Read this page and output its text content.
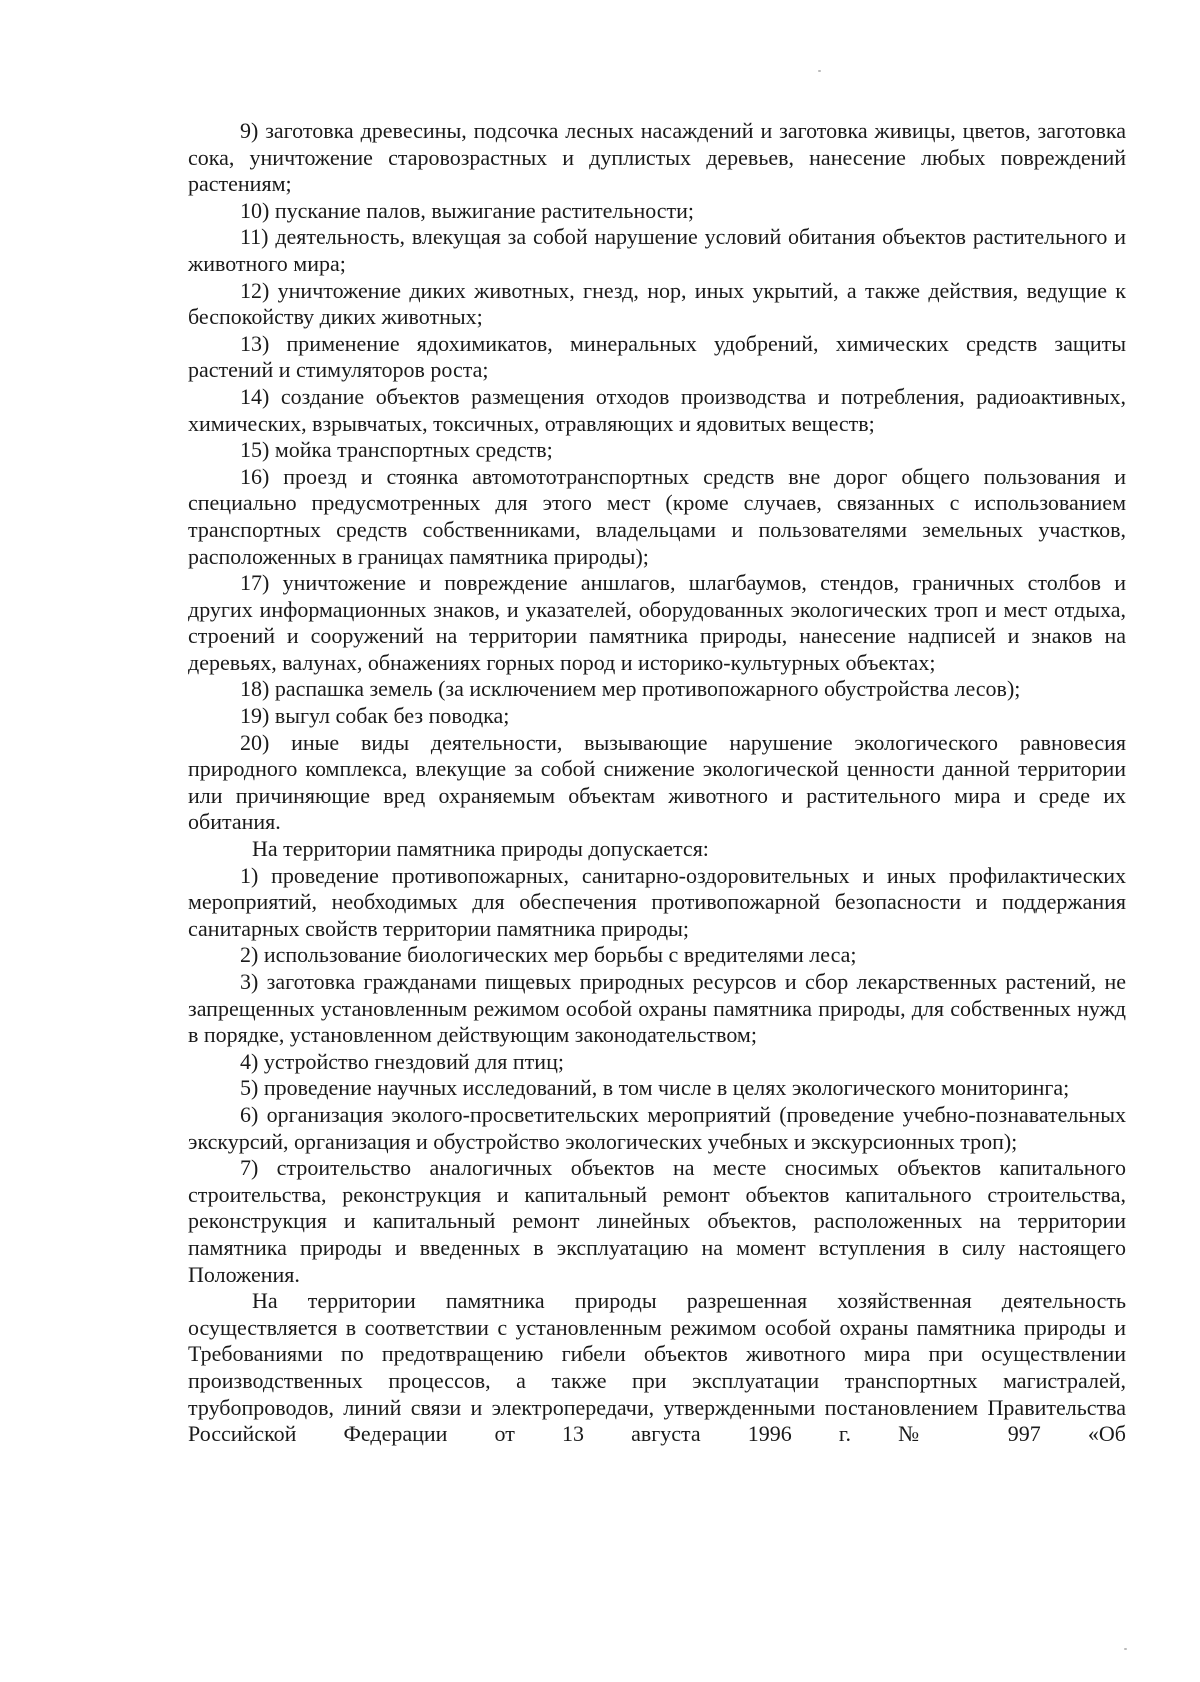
9) заготовка древесины, подсочка лесных насаждений и заготовка живицы, цветов, заготовка сока, уничтожение старовозрастных и дуплистых деревьев, нанесение любых повреждений растениям;

10) пускание палов, выжигание растительности;

11) деятельность, влекущая за собой нарушение условий обитания объектов растительного и животного мира;

12) уничтожение диких животных, гнезд, нор, иных укрытий, а также действия, ведущие к беспокойству диких животных;

13) применение ядохимикатов, минеральных удобрений, химических средств защиты растений и стимуляторов роста;

14) создание объектов размещения отходов производства и потребления, радиоактивных, химических, взрывчатых, токсичных, отравляющих и ядовитых веществ;

15) мойка транспортных средств;

16) проезд и стоянка автомототранспортных средств вне дорог общего пользования и специально предусмотренных для этого мест (кроме случаев, связанных с использованием транспортных средств собственниками, владельцами и пользователями земельных участков, расположенных в границах памятника природы);

17) уничтожение и повреждение аншлагов, шлагбаумов, стендов, граничных столбов и других информационных знаков, и указателей, оборудованных экологических троп и мест отдыха, строений и сооружений на территории памятника природы, нанесение надписей и знаков на деревьях, валунах, обнажениях горных пород и историко-культурных объектах;

18) распашка земель (за исключением мер противопожарного обустройства лесов);

19) выгул собак без поводка;

20) иные виды деятельности, вызывающие нарушение экологического равновесия природного комплекса, влекущие за собой снижение экологической ценности данной территории или причиняющие вред охраняемым объектам животного и растительного мира и среде их обитания.

На территории памятника природы допускается:

1) проведение противопожарных, санитарно-оздоровительных и иных профилактических мероприятий, необходимых для обеспечения противопожарной безопасности и поддержания санитарных свойств территории памятника природы;

2) использование биологических мер борьбы с вредителями леса;

3) заготовка гражданами пищевых природных ресурсов и сбор лекарственных растений, не запрещенных установленным режимом особой охраны памятника природы, для собственных нужд в порядке, установленном действующим законодательством;

4) устройство гнездовий для птиц;

5) проведение научных исследований, в том числе в целях экологического мониторинга;

6) организация эколого-просветительских мероприятий (проведение учебно-познавательных экскурсий, организация и обустройство экологических учебных и экскурсионных троп);

7) строительство аналогичных объектов на месте сносимых объектов капитального строительства, реконструкция и капитальный ремонт объектов капитального строительства, реконструкция и капитальный ремонт линейных объектов, расположенных на территории памятника природы и введенных в эксплуатацию на момент вступления в силу настоящего Положения.

На территории памятника природы разрешенная хозяйственная деятельность осуществляется в соответствии с установленным режимом особой охраны памятника природы и Требованиями по предотвращению гибели объектов животного мира при осуществлении производственных процессов, а также при эксплуатации транспортных магистралей, трубопроводов, линий связи и электропередачи, утвержденными постановлением Правительства Российской Федерации от 13 августа 1996 г. № 997 «Об
